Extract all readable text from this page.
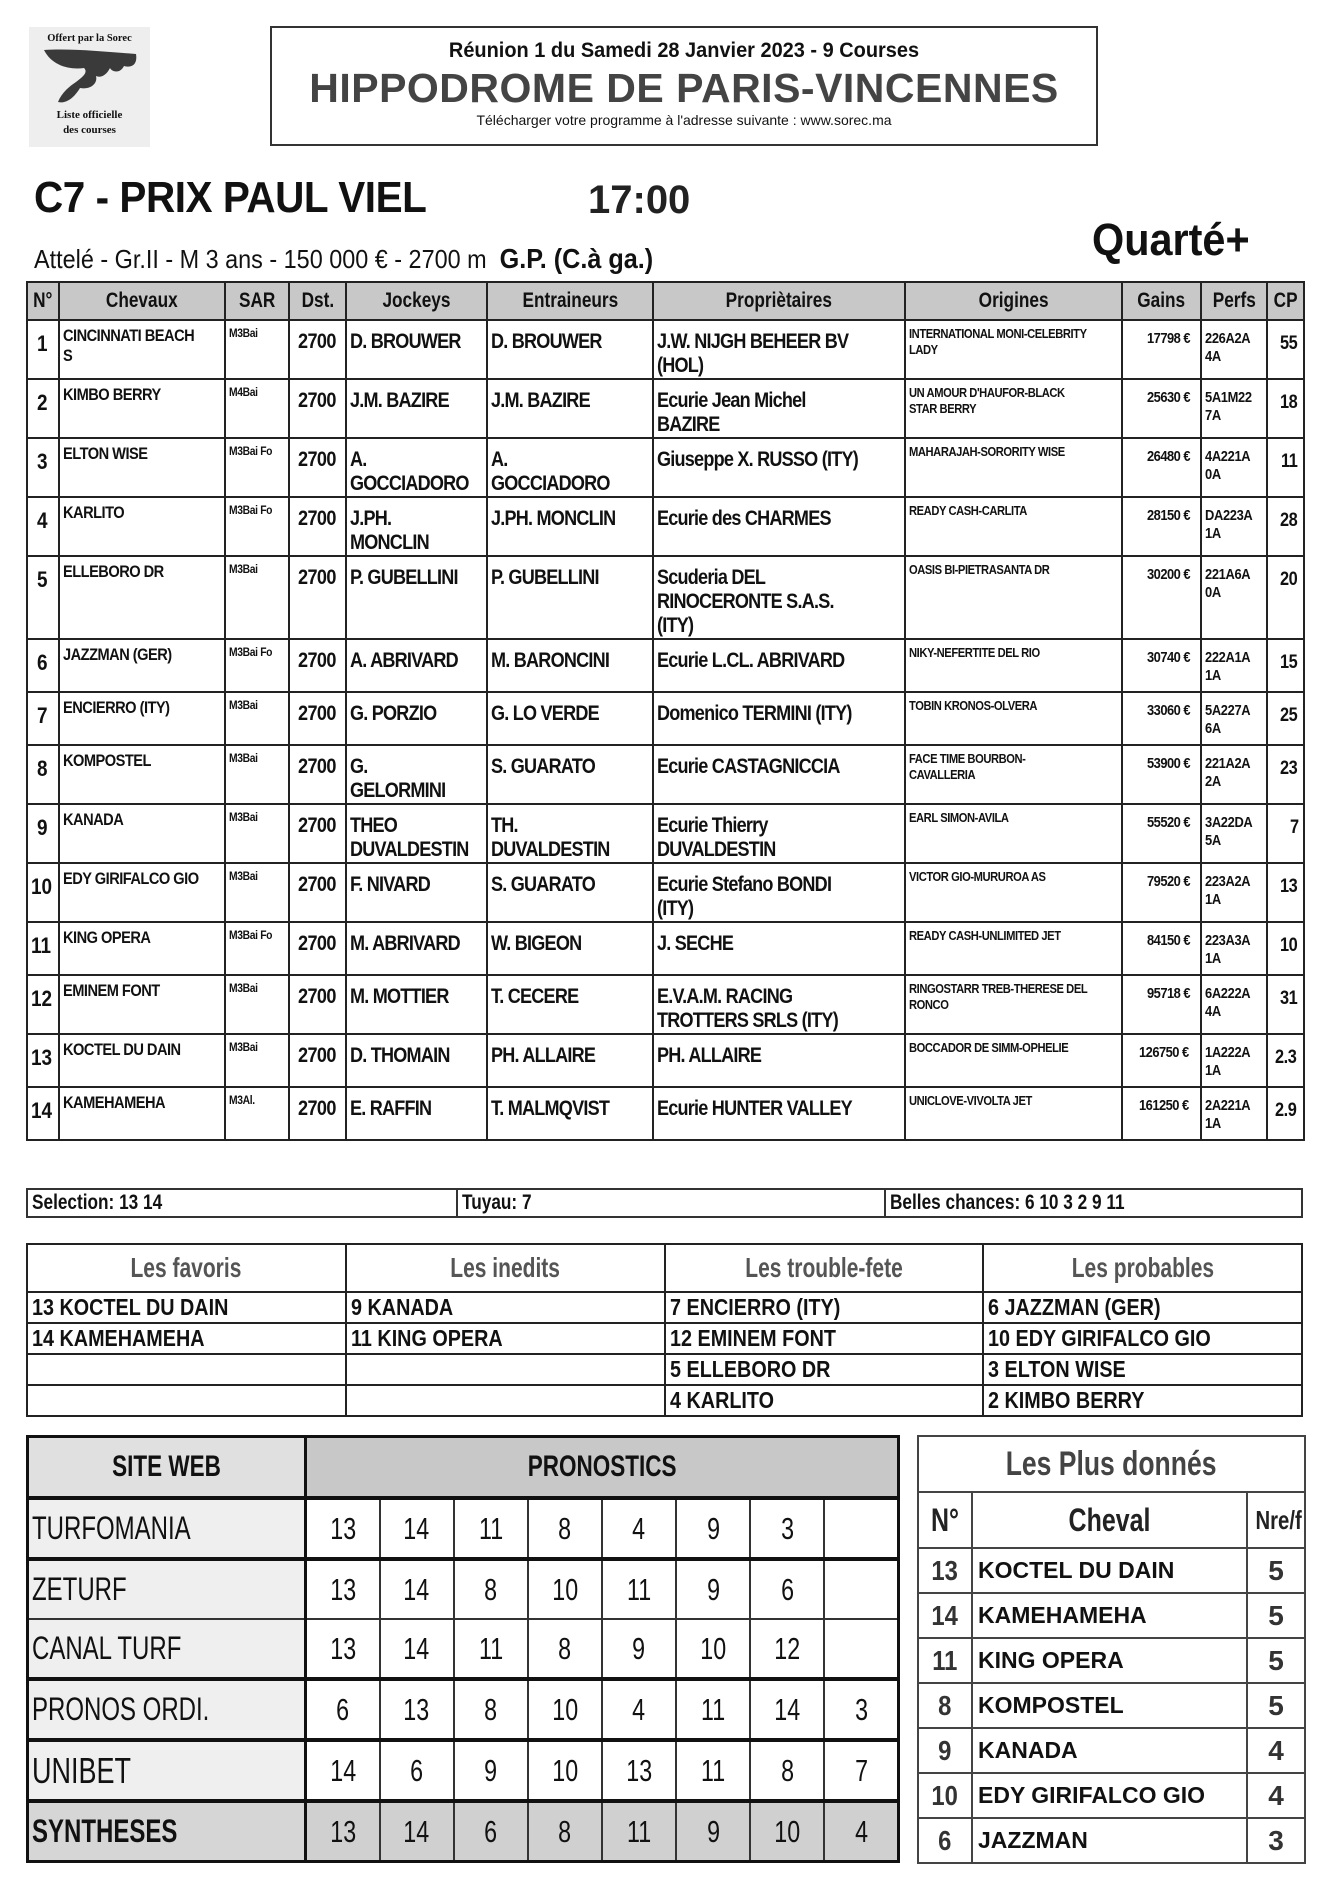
Offert par la Sorec
Liste officielle
des courses
Réunion 1 du Samedi 28 Janvier 2023 - 9 Courses
HIPPODROME DE PARIS-VINCENNES
Télécharger votre programme à l'adresse suivante : www.sorec.ma
C7 - PRIX PAUL VIEL	17:00
Quarté+
Attelé - Gr.II - M 3 ans - 150 000 € - 2700 m G.P. (C.à ga.)
N°	Chevaux	SAR	Dst.	Jockeys	Entraineurs	Propriètaires	Origines	Gains	Perfs	CP
1	CINCINNATI BEACH S	M3Bai	2700	D. BROUWER	D. BROUWER	J.W. NIJGH BEHEER BV (HOL)	INTERNATIONAL MONI-CELEBRITY LADY	17798 €	226A2A 4A	55
2	KIMBO BERRY	M4Bai	2700	J.M. BAZIRE	J.M. BAZIRE	Ecurie Jean Michel BAZIRE	UN AMOUR D'HAUFOR-BLACK STAR BERRY	25630 €	5A1M22 7A	18
3	ELTON WISE	M3Bai Fo	2700	A. GOCCIADORO	A. GOCCIADORO	Giuseppe X. RUSSO (ITY)	MAHARAJAH-SORORITY WISE	26480 €	4A221A 0A	11
4	KARLITO	M3Bai Fo	2700	J.PH. MONCLIN	J.PH. MONCLIN	Ecurie des CHARMES	READY CASH-CARLITA	28150 €	DA223A 1A	28
5	ELLEBORO DR	M3Bai	2700	P. GUBELLINI	P. GUBELLINI	Scuderia DEL RINOCERONTE S.A.S. (ITY)	OASIS BI-PIETRASANTA DR	30200 €	221A6A 0A	20
6	JAZZMAN (GER)	M3Bai Fo	2700	A. ABRIVARD	M. BARONCINI	Ecurie L.CL. ABRIVARD	NIKY-NEFERTITE DEL RIO	30740 €	222A1A 1A	15
7	ENCIERRO (ITY)	M3Bai	2700	G. PORZIO	G. LO VERDE	Domenico TERMINI (ITY)	TOBIN KRONOS-OLVERA	33060 €	5A227A 6A	25
8	KOMPOSTEL	M3Bai	2700	G. GELORMINI	S. GUARATO	Ecurie CASTAGNICCIA	FACE TIME BOURBON-CAVALLERIA	53900 €	221A2A 2A	23
9	KANADA	M3Bai	2700	THEO DUVALDESTIN	TH. DUVALDESTIN	Ecurie Thierry DUVALDESTIN	EARL SIMON-AVILA	55520 €	3A22DA 5A	7
10	EDY GIRIFALCO GIO	M3Bai	2700	F. NIVARD	S. GUARATO	Ecurie Stefano BONDI (ITY)	VICTOR GIO-MURUROA AS	79520 €	223A2A 1A	13
11	KING OPERA	M3Bai Fo	2700	M. ABRIVARD	W. BIGEON	J. SECHE	READY CASH-UNLIMITED JET	84150 €	223A3A 1A	10
12	EMINEM FONT	M3Bai	2700	M. MOTTIER	T. CECERE	E.V.A.M. RACING TROTTERS SRLS (ITY)	RINGOSTARR TREB-THERESE DEL RONCO	95718 €	6A222A 4A	31
13	KOCTEL DU DAIN	M3Bai	2700	D. THOMAIN	PH. ALLAIRE	PH. ALLAIRE	BOCCADOR DE SIMM-OPHELIE	126750 €	1A222A 1A	2.3
14	KAMEHAMEHA	M3Al.	2700	E. RAFFIN	T. MALMQVIST	Ecurie HUNTER VALLEY	UNICLOVE-VIVOLTA JET	161250 €	2A221A 1A	2.9
Selection: 13 14	Tuyau: 7	Belles chances: 6 10 3 2 9 11
Les favoris	Les inedits	Les trouble-fete	Les probables
13 KOCTEL DU DAIN	9 KANADA	7 ENCIERRO (ITY)	6 JAZZMAN (GER)
14 KAMEHAMEHA	11 KING OPERA	12 EMINEM FONT	10 EDY GIRIFALCO GIO
		5 ELLEBORO DR	3 ELTON WISE
		4 KARLITO	2 KIMBO BERRY
SITE WEB	PRONOSTICS							
TURFOMANIA	13	14	11	8	4	9	3	
ZETURF	13	14	8	10	11	9	6	
CANAL TURF	13	14	11	8	9	10	12	
PRONOS ORDI.	6	13	8	10	4	11	14	3
UNIBET	14	6	9	10	13	11	8	7
SYNTHESES	13	14	6	8	11	9	10	4
Les Plus donnés		
N°	Cheval	Nre/f
13	KOCTEL DU DAIN	5
14	KAMEHAMEHA	5
11	KING OPERA	5
8	KOMPOSTEL	5
9	KANADA	4
10	EDY GIRIFALCO GIO	4
6	JAZZMAN	3
